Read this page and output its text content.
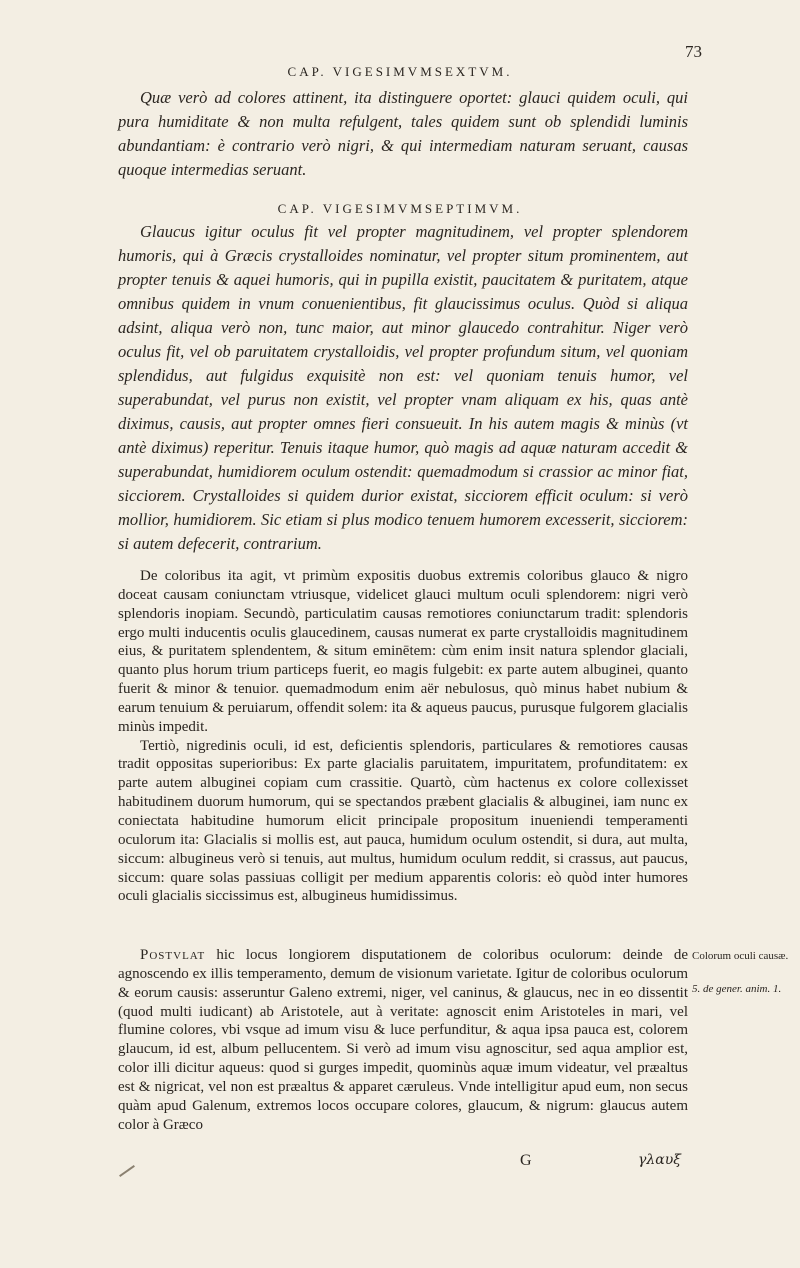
73
CAP. VIGESIMVMSEXTVM.

Quæ verò ad colores attinent, ita distinguere oportet: glauci quidem oculi, qui pura humiditate & non multa refulgent, tales quidem sunt ob splendidi luminis abundantiam: è contrario verò nigri, & qui intermediam naturam seruant, causas quoque intermedias seruant.

CAP. VIGESIMVMSEPTIMVM.

Glaucus igitur oculus fit vel propter magnitudinem, vel propter splendorem humoris, qui à Græcis crystalloides nominatur, vel propter situm prominentem, aut propter tenuis & aquei humoris, qui in pupilla existit, paucitatem & puritatem, atque omnibus quidem in vnum conuenientibus, fit glaucissimus oculus. Quòd si aliqua adsint, aliqua verò non, tunc maior, aut minor glaucedo contrahitur. Niger verò oculus fit, vel ob paruitatem crystalloidis, vel propter profundum situm, vel quoniam splendidus, aut fulgidus exquisitè non est: vel quoniam tenuis humor, vel superabundat, vel purus non existit, vel propter vnam aliquam ex his, quas antè diximus, causis, aut propter omnes fieri consueuit. In his autem magis & minùs (vt antè diximus) reperitur. Tenuis itaque humor, quò magis ad aquæ naturam accedit & superabundat, humidiorem oculum ostendit: quemadmodum si crassior ac minor fiat, sicciorem. Crystalloides si quidem durior existat, sicciorem efficit oculum: si verò mollior, humidiorem. Sic etiam si plus modico tenuem humorem excesserit, sicciorem: si autem defecerit, contrarium.

De coloribus ita agit, vt primùm expositis duobus extremis coloribus glauco & nigro doceat causam coniunctam vtriusque, videlicet glauci multum oculi splendorem: nigri verò splendoris inopiam. Secundò, particulatim causas remotiores coniunctarum tradit: splendoris ergo multi inducentis oculis glaucedinem, causas numerat ex parte crystalloidis magnitudinem eius, & puritatem splendentem, & situm eminētem: cùm enim insit natura splendor glaciali, quanto plus horum trium particeps fuerit, eo magis fulgebit: ex parte autem albuginei, quanto fuerit & minor & tenuior. quemadmodum enim aër nebulosus, quò minus habet nubium & earum tenuium & peruiarum, offendit solem: ita & aqueus paucus, purusque fulgorem glacialis minùs impedit.

Tertiò, nigredinis oculi, id est, deficientis splendoris, particulares & remotiores causas tradit oppositas superioribus: Ex parte glacialis paruitatem, impuritatem, profunditatem: ex parte autem albuginei copiam cum crassitie. Quartò, cùm hactenus ex colore collexisset habitudinem duorum humorum, qui se spectandos præbent glacialis & albuginei, iam nunc ex coniectata habitudine humorum elicit principale propositum inueniendi temperamenti oculorum ita: Glacialis si mollis est, aut pauca, humidum oculum ostendit, si dura, aut multa, siccum: albugineus verò si tenuis, aut multus, humidum oculum reddit, si crassus, aut paucus, siccum: quare solas passiuas colligit per medium apparentis coloris: eò quòd inter humores oculi glacialis siccissimus est, albugineus humidissimus.

Postvlat hic locus longiorem disputationem de coloribus oculorum: deinde de agnoscendo ex illis temperamento, demum de visionum varietate. Igitur de coloribus oculorum & eorum causis: asseruntur Galeno extremi, niger, vel caninus, & glaucus, nec in eo dissentit (quod multi iudicant) ab Aristotele, aut à veritate: agnoscit enim Aristoteles in mari, vel flumine colores, vbi vsque ad imum visu & luce perfunditur, & aqua ipsa pauca est, colorem glaucum, id est, album pellucentem. Si verò ad imum visu agnoscitur, sed aqua amplior est, color illi dicitur aqueus: quod si gurges impedit, quominùs aquæ imum videatur, vel præaltus est & nigricat, vel non est præaltus & apparet cæruleus. Vnde intelligitur apud eum, non secus quàm apud Galenum, extremos locos occupare colores, glaucum, & nigrum: glaucus autem color à Græco

Colorum oculi causæ.
5. de gener. anim. 1.
G	γλαυξ
